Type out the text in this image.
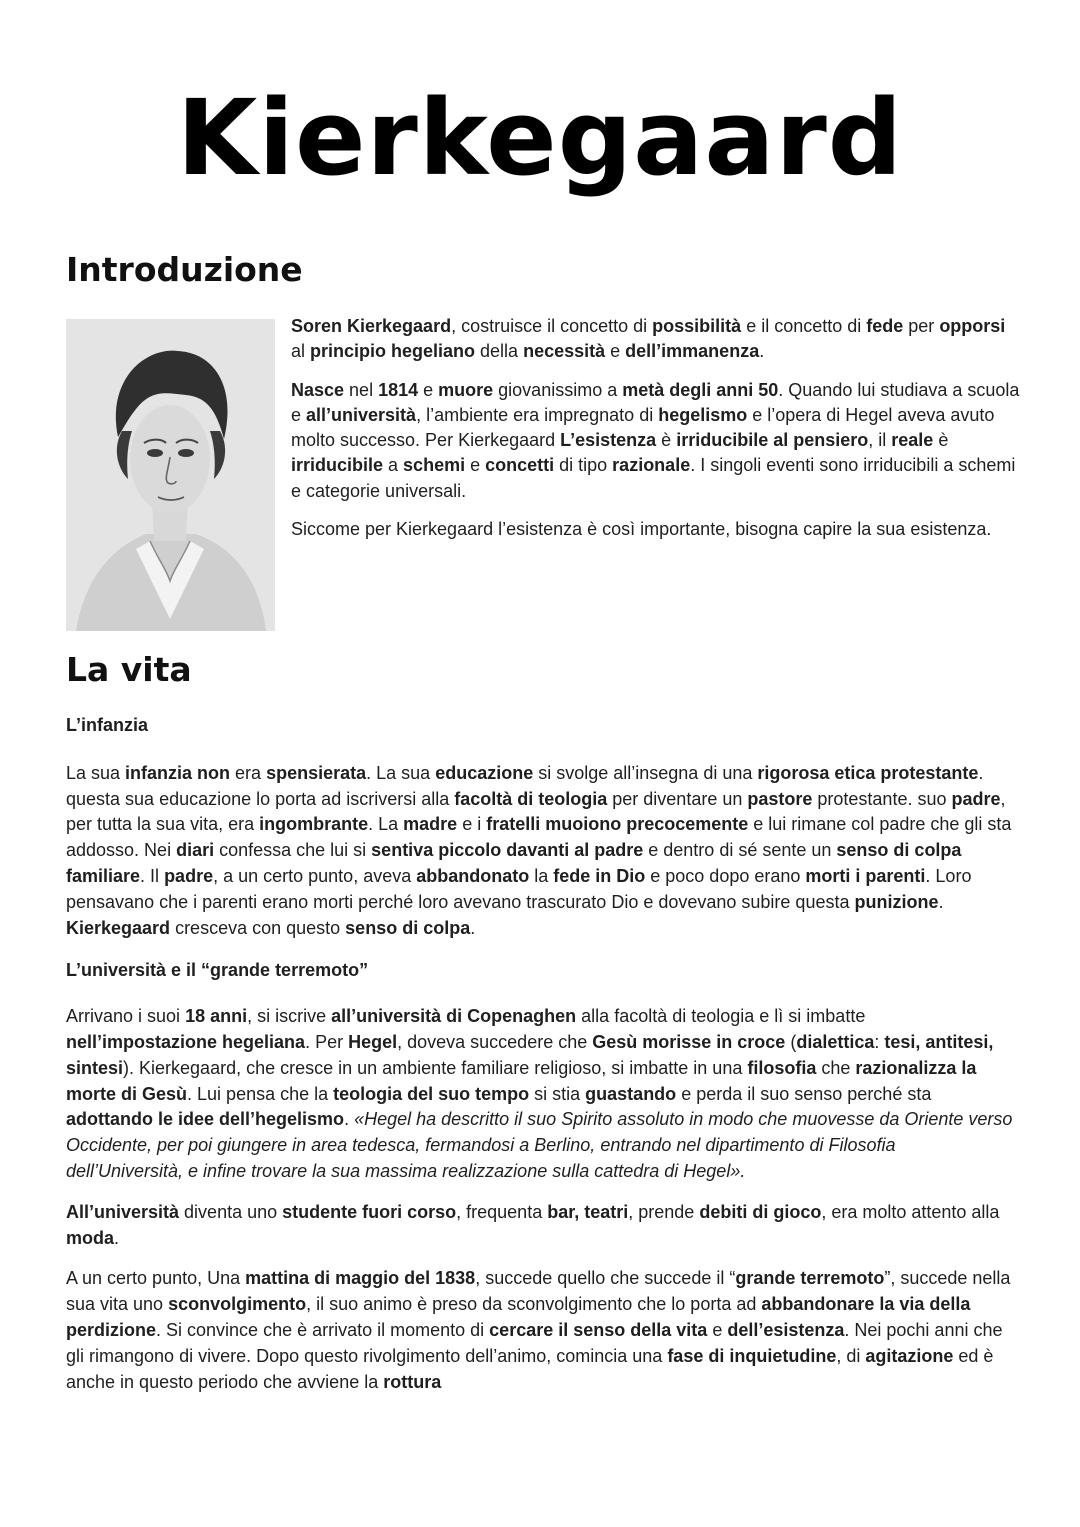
Kierkegaard
Introduzione

Soren Kierkegaard, costruisce il concetto di possibilità e il concetto di fede per opporsi al principio hegeliano della necessità e dell’immanenza.

Nasce nel 1814 e muore giovanissimo a metà degli anni 50. Quando lui studiava a scuola e all’università, l’ambiente era impregnato di hegelismo e l’opera di Hegel aveva avuto molto successo. Per Kierkegaard L’esistenza è irriducibile al pensiero, il reale è irriducibile a schemi e concetti di tipo razionale. I singoli eventi sono irriducibili a schemi e categorie universali.

Siccome per Kierkegaard l’esistenza è così importante, bisogna capire la sua esistenza.

La vita

L’infanzia

La sua infanzia non era spensierata. La sua educazione si svolge all’insegna di una rigorosa etica protestante. questa sua educazione lo porta ad iscriversi alla facoltà di teologia per diventare un pastore protestante. suo padre, per tutta la sua vita, era ingombrante. La madre e i fratelli muoiono precocemente e lui rimane col padre che gli sta addosso. Nei diari confessa che lui si sentiva piccolo davanti al padre e dentro di sé sente un senso di colpa familiare. Il padre, a un certo punto, aveva abbandonato la fede in Dio e poco dopo erano morti i parenti. Loro pensavano che i parenti erano morti perché loro avevano trascurato Dio e dovevano subire questa punizione. Kierkegaard cresceva con questo senso di colpa.

L’università e il “grande terremoto”

Arrivano i suoi 18 anni, si iscrive all’università di Copenaghen alla facoltà di teologia e lì si imbatte nell’impostazione hegeliana. Per Hegel, doveva succedere che Gesù morisse in croce (dialettica: tesi, antitesi, sintesi). Kierkegaard, che cresce in un ambiente familiare religioso, si imbatte in una filosofia che razionalizza la morte di Gesù. Lui pensa che la teologia del suo tempo si stia guastando e perda il suo senso perché sta adottando le idee dell’hegelismo. «Hegel ha descritto il suo Spirito assoluto in modo che muovesse da Oriente verso Occidente, per poi giungere in area tedesca, fermandosi a Berlino, entrando nel dipartimento di Filosofia dell’Università, e infine trovare la sua massima realizzazione sulla cattedra di Hegel».

All’università diventa uno studente fuori corso, frequenta bar, teatri, prende debiti di gioco, era molto attento alla moda.

A un certo punto, Una mattina di maggio del 1838, succede quello che succede il “grande terremoto”, succede nella sua vita uno sconvolgimento, il suo animo è preso da sconvolgimento che lo porta ad abbandonare la via della perdizione. Si convince che è arrivato il momento di cercare il senso della vita e dell’esistenza. Nei pochi anni che gli rimangono di vivere. Dopo questo rivolgimento dell’animo, comincia una fase di inquietudine, di agitazione ed è anche in questo periodo che avviene la rottura
